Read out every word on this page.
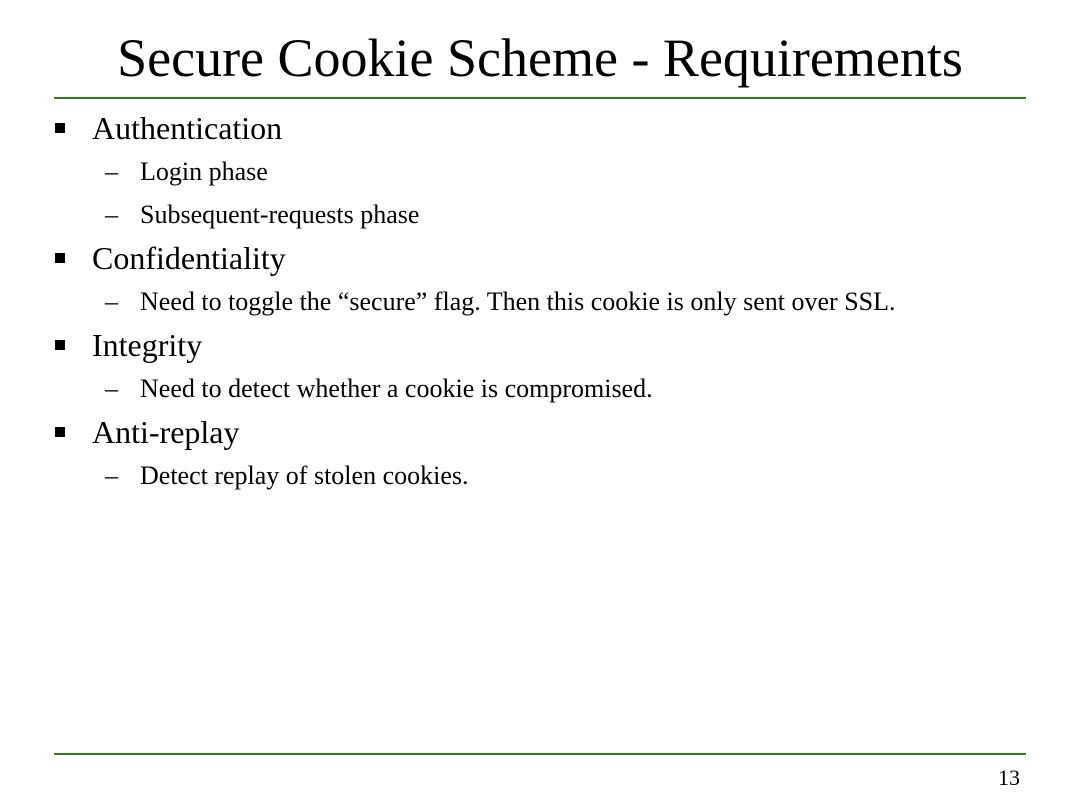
Secure Cookie Scheme - Requirements
Authentication
– Login phase
– Subsequent-requests phase
Confidentiality
– Need to toggle the “secure” flag. Then this cookie is only sent over SSL.
Integrity
– Need to detect whether a cookie is compromised.
Anti-replay
– Detect replay of stolen cookies.
13
